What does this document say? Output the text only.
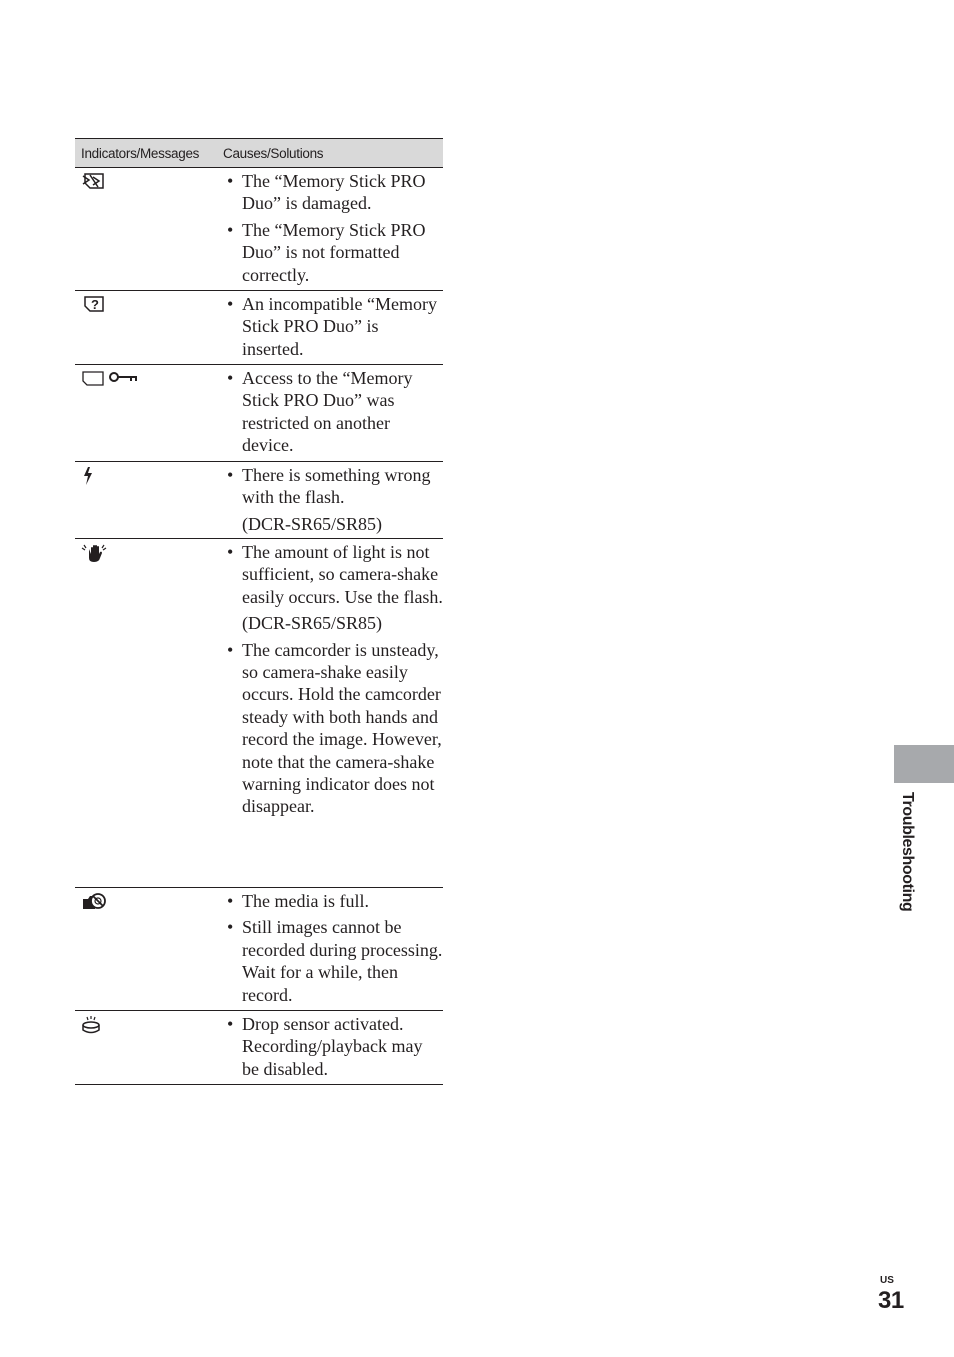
Indicators/Messages	Causes/Solutions
• The “Memory Stick PRO Duo” is damaged.
• The “Memory Stick PRO Duo” is not formatted correctly.
?	• An incompatible “Memory Stick PRO Duo” is inserted.
• Access to the “Memory Stick PRO Duo” was restricted on another device.
• There is something wrong with the flash.
(DCR-SR65/SR85)
• The amount of light is not sufficient, so camera-shake easily occurs. Use the flash.
(DCR-SR65/SR85)
• The camcorder is unsteady, so camera-shake easily occurs. Hold the camcorder steady with both hands and record the image. However, note that the camera-shake warning indicator does not disappear.
• The media is full.
• Still images cannot be recorded during processing. Wait for a while, then record.
• Drop sensor activated. Recording/playback may be disabled.
Troubleshooting
US
31
